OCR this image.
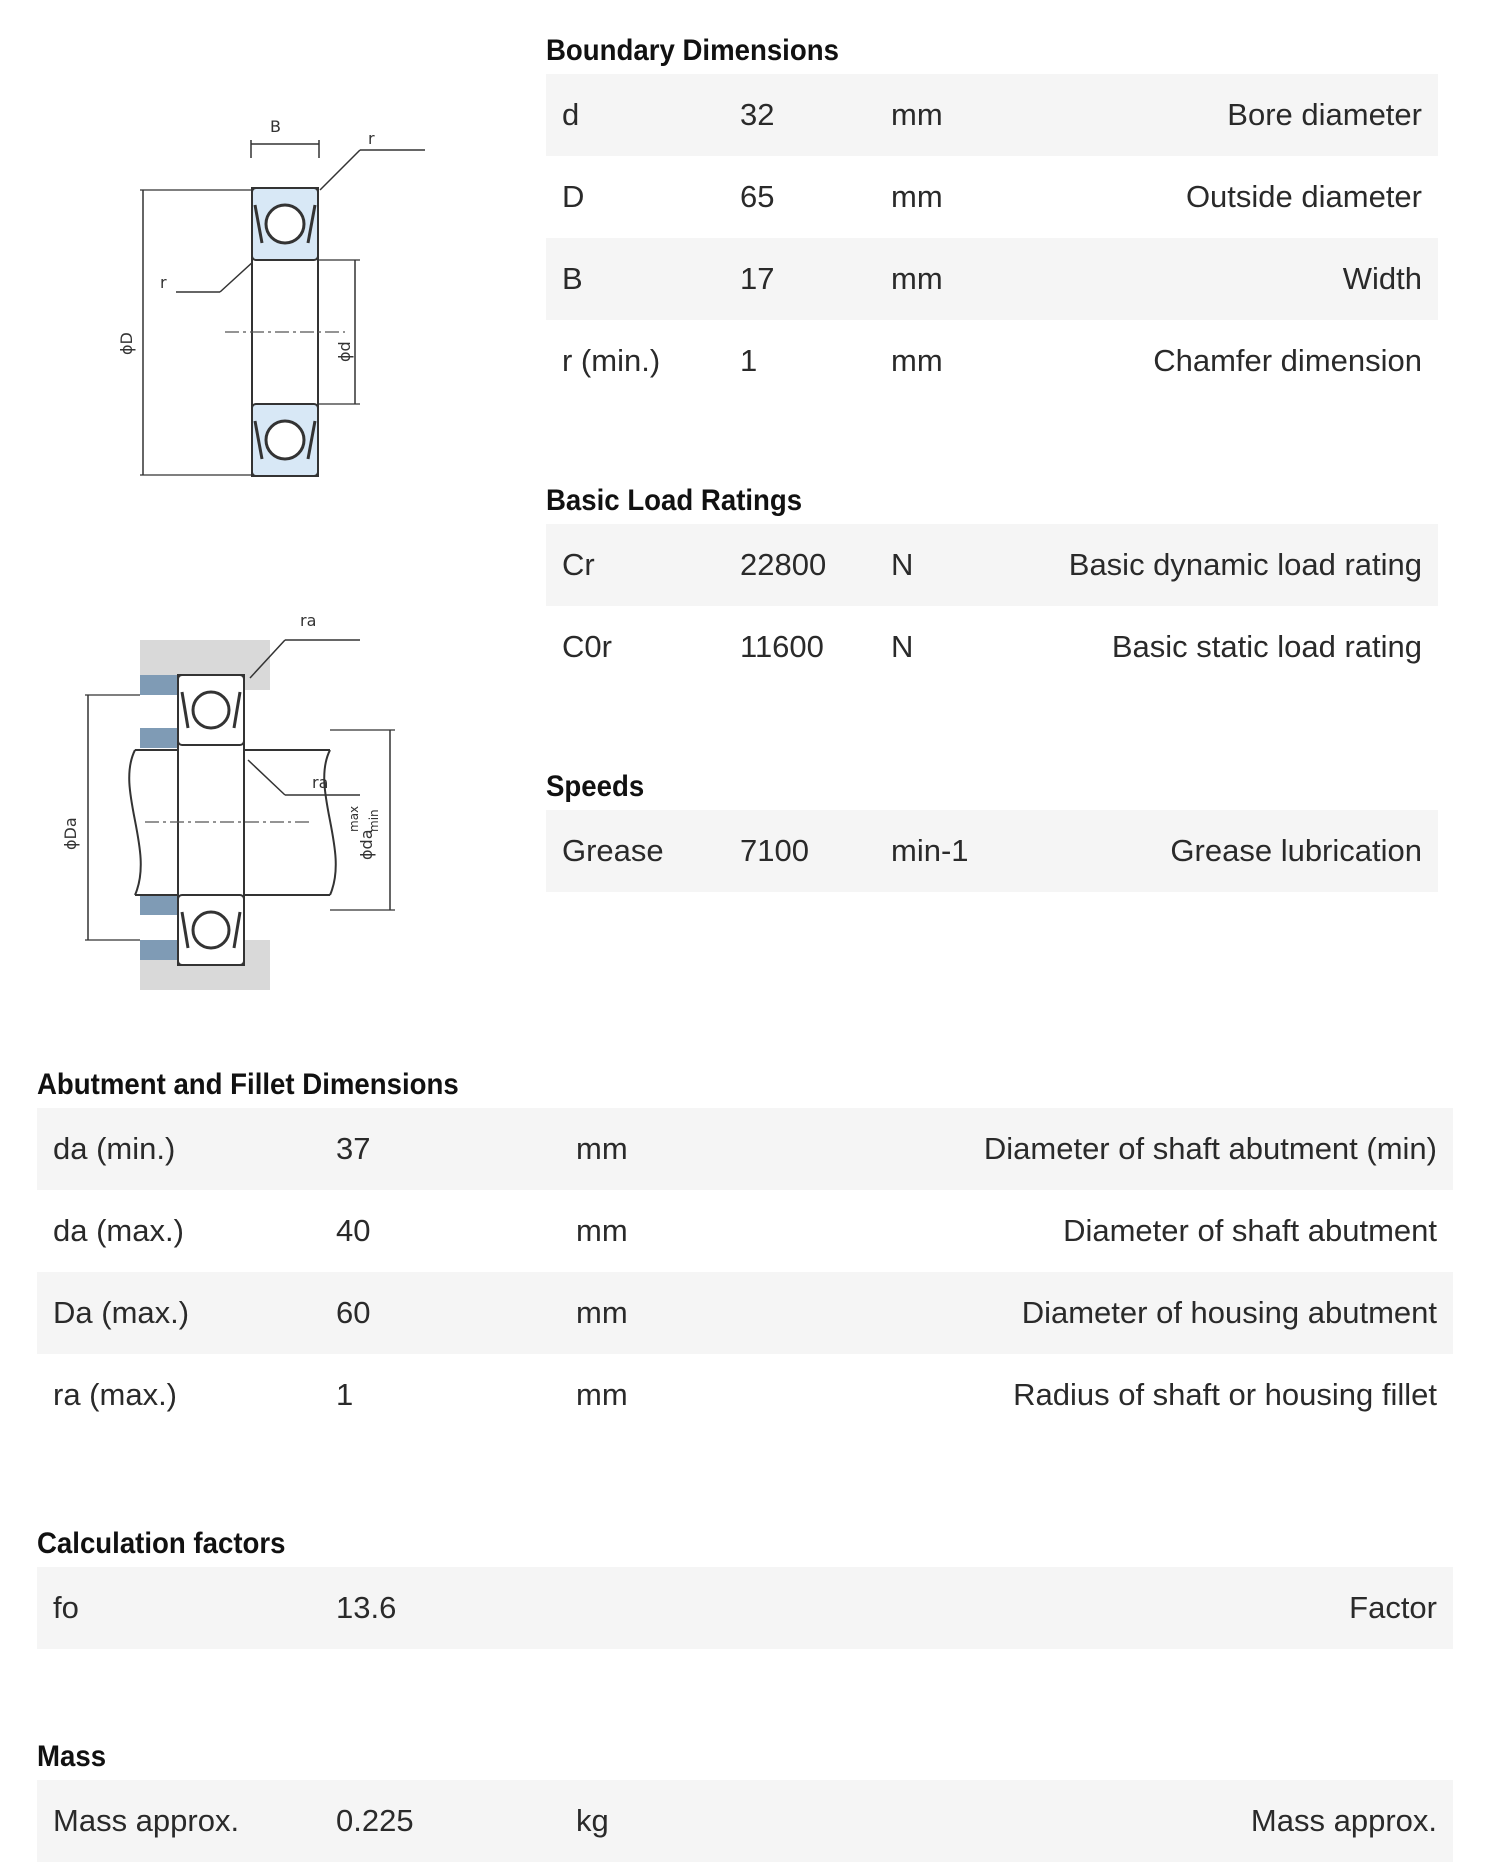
B
r
r
ϕD	ϕd
ra
ra
ϕDa	ϕda
max min
Boundary Dimensions
d	32	mm	Bore diameter
D	65	mm	Outside diameter
B	17	mm	Width
r (min.)	1	mm	Chamfer dimension
Basic Load Ratings
Cr	22800	N	Basic dynamic load rating
C0r	11600	N	Basic static load rating
Speeds
Grease	7100	min-1	Grease lubrication
Abutment and Fillet Dimensions
da (min.)	37	mm	Diameter of shaft abutment (min)
da (max.)	40	mm	Diameter of shaft abutment
Da (max.)	60	mm	Diameter of housing abutment
ra (max.)	1	mm	Radius of shaft or housing fillet
Calculation factors
fo	13.6		Factor
Mass
Mass approx.	0.225	kg	Mass approx.
